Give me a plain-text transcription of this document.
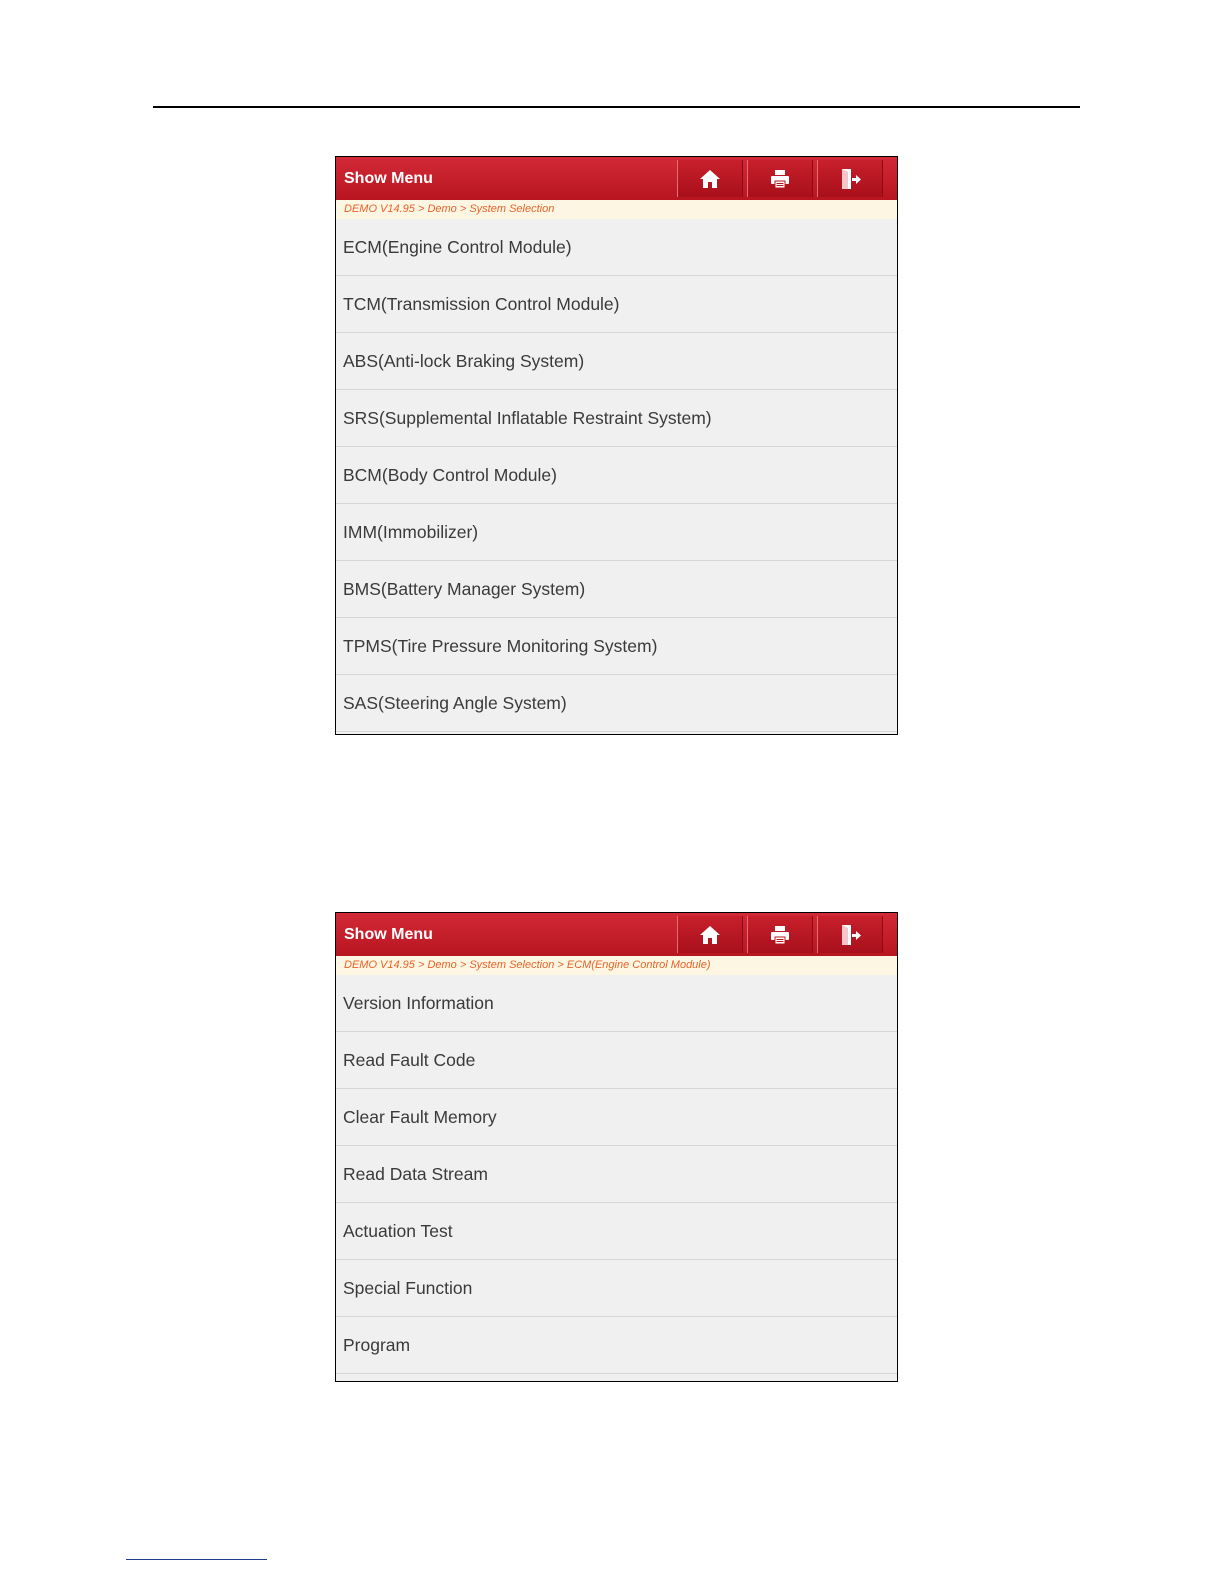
Show Menu
DEMO V14.95 > Demo > System Selection
ECM(Engine Control Module)
TCM(Transmission Control Module)
ABS(Anti-lock Braking System)
SRS(Supplemental Inflatable Restraint System)
BCM(Body Control Module)
IMM(Immobilizer)
BMS(Battery Manager System)
TPMS(Tire Pressure Monitoring System)
SAS(Steering Angle System)
Show Menu
DEMO V14.95 > Demo > System Selection > ECM(Engine Control Module)
Version Information
Read Fault Code
Clear Fault Memory
Read Data Stream
Actuation Test
Special Function
Program
